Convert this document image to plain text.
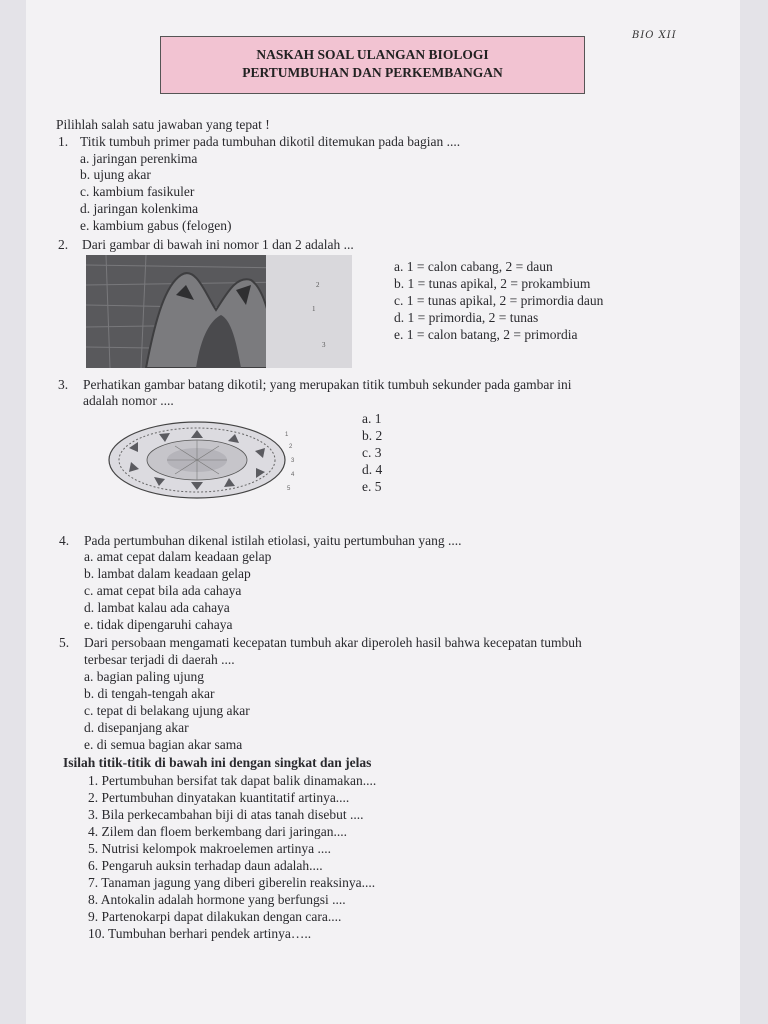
BIO XII
NASKAH SOAL ULANGAN BIOLOGI
PERTUMBUHAN DAN PERKEMBANGAN
Pilihlah salah satu jawaban yang tepat !
1. Titik tumbuh primer pada tumbuhan dikotil ditemukan pada bagian ....
a. jaringan perenkima
b. ujung akar
c. kambium fasikuler
d. jaringan kolenkima
e. kambium gabus (felogen)
2. Dari gambar di bawah ini nomor 1 dan 2 adalah ...
2
1
3
a. 1 = calon cabang, 2 = daun
b. 1 = tunas apikal, 2 = prokambium
c. 1 = tunas apikal, 2 = primordia daun
d. 1 = primordia, 2 = tunas
e. 1 = calon batang, 2 = primordia
3. Perhatikan gambar batang dikotil; yang merupakan titik tumbuh sekunder pada gambar ini
adalah nomor ....
1
2
3
4
5
a. 1
b. 2
c. 3
d. 4
e. 5
4. Pada pertumbuhan dikenal istilah etiolasi, yaitu pertumbuhan yang ....
a. amat cepat dalam keadaan gelap
b. lambat dalam keadaan gelap
c. amat cepat bila ada cahaya
d. lambat kalau ada cahaya
e. tidak dipengaruhi cahaya
5. Dari persobaan mengamati kecepatan tumbuh akar diperoleh hasil bahwa kecepatan tumbuh
terbesar terjadi di daerah ....
a. bagian paling ujung
b. di tengah-tengah akar
c. tepat di belakang ujung akar
d. disepanjang akar
e. di semua bagian akar sama
Isilah titik-titik di bawah ini dengan singkat dan jelas
1. Pertumbuhan bersifat tak dapat balik dinamakan....
2. Pertumbuhan dinyatakan kuantitatif artinya....
3. Bila perkecambahan biji di atas tanah disebut ....
4. Zilem dan floem berkembang dari jaringan....
5. Nutrisi kelompok makroelemen artinya ....
6. Pengaruh auksin terhadap daun adalah....
7. Tanaman jagung yang diberi giberelin reaksinya....
8. Antokalin adalah hormone yang berfungsi ....
9. Partenokarpi dapat dilakukan dengan cara....
10. Tumbuhan berhari pendek artinya…..
